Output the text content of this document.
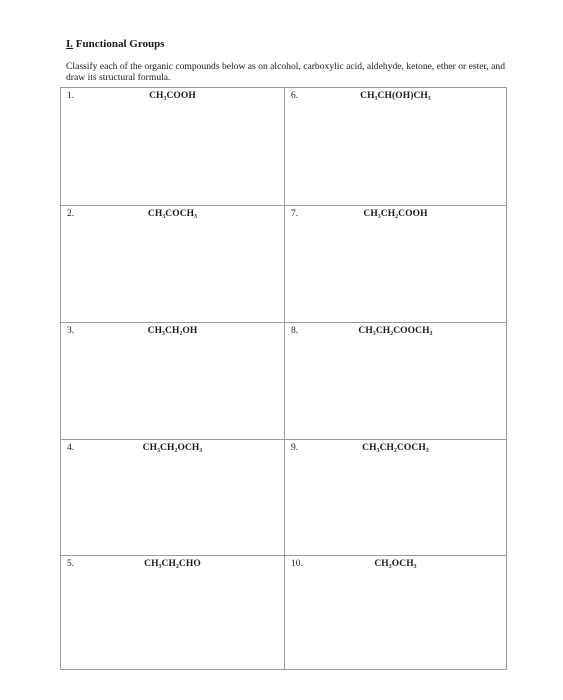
I. Functional Groups
Classify each of the organic compounds below as on alcohol, carboxylic acid, aldehyde, ketone, ether or ester, and draw its structural formula.
1.	CH₃COOH	6.	CH₃CH(OH)CH₃
2.	CH₃COCH₃	7.	CH₃CH₂COOH
3.	CH₃CH₂OH	8.	CH₃CH₂COOCH₃
4.	CH₃CH₂OCH₃	9.	CH₃CH₂COCH₃
5.	CH₃CH₂CHO	10.	CH₃OCH₃
